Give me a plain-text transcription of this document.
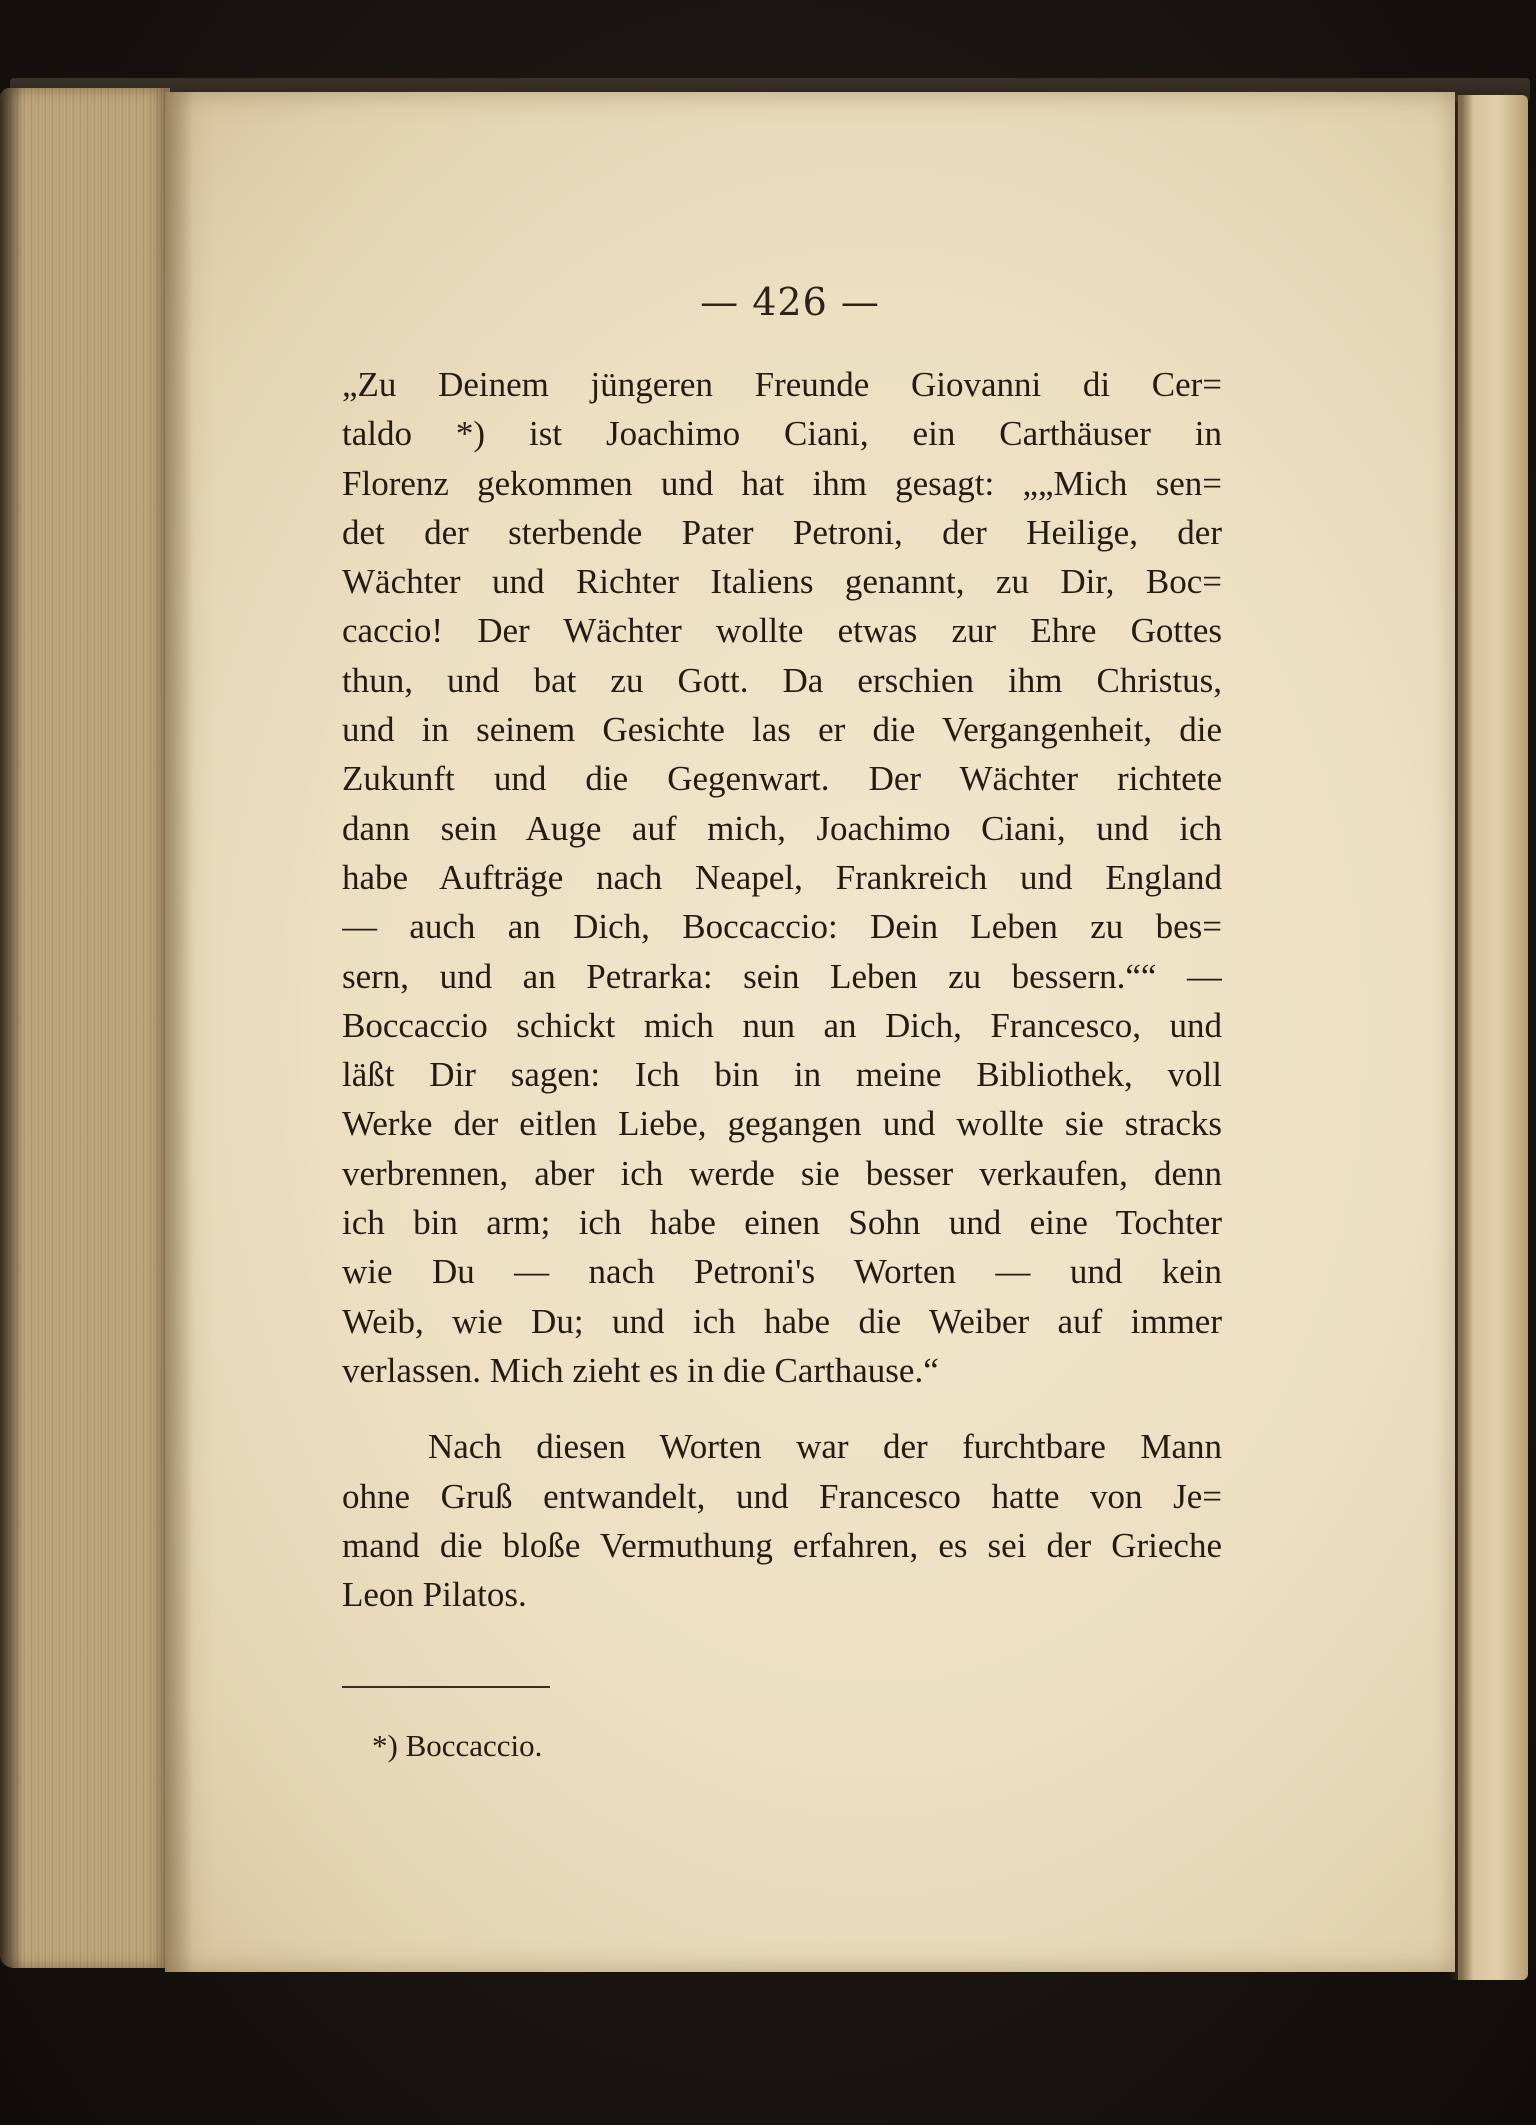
— 426 —
„Zu Deinem jüngeren Freunde Giovanni di Cer=
taldo *) ist Joachimo Ciani, ein Carthäuser in
Florenz gekommen und hat ihm gesagt: „„Mich sen=
det der sterbende Pater Petroni, der Heilige, der
Wächter und Richter Italiens genannt, zu Dir, Boc=
caccio! Der Wächter wollte etwas zur Ehre Gottes
thun, und bat zu Gott. Da erschien ihm Christus,
und in seinem Gesichte las er die Vergangenheit, die
Zukunft und die Gegenwart. Der Wächter richtete
dann sein Auge auf mich, Joachimo Ciani, und ich
habe Aufträge nach Neapel, Frankreich und England
— auch an Dich, Boccaccio: Dein Leben zu bes=
sern, und an Petrarka: sein Leben zu bessern.““ —
Boccaccio schickt mich nun an Dich, Francesco, und
läßt Dir sagen: Ich bin in meine Bibliothek, voll
Werke der eitlen Liebe, gegangen und wollte sie stracks
verbrennen, aber ich werde sie besser verkaufen, denn
ich bin arm; ich habe einen Sohn und eine Tochter
wie Du — nach Petroni's Worten — und kein
Weib, wie Du; und ich habe die Weiber auf immer
verlassen. Mich zieht es in die Carthause.“
Nach diesen Worten war der furchtbare Mann
ohne Gruß entwandelt, und Francesco hatte von Je=
mand die bloße Vermuthung erfahren, es sei der Grieche
Leon Pilatos.
*) Boccaccio.
